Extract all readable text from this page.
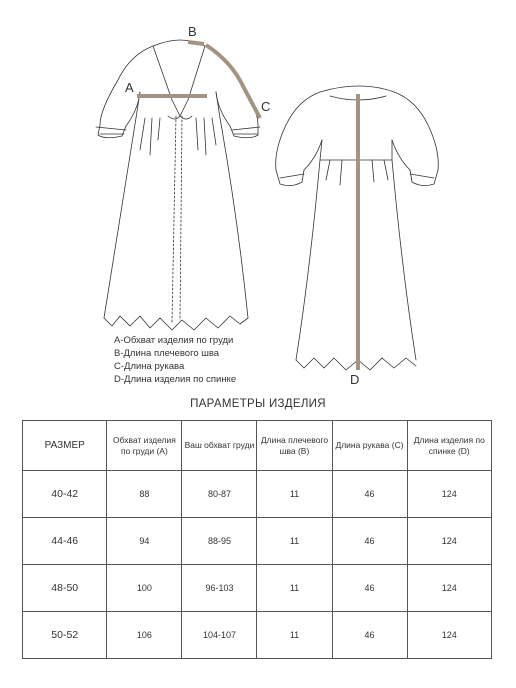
A
B
C
D
A-Обхват изделия по груди
B-Длина плечевого шва
C-Длина рукава
D-Длина изделия по спинке
ПАРАМЕТРЫ ИЗДЕЛИЯ
РАЗМЕР	Обхват изделия по груди (A)	Ваш обхват груди	Длина плечевого шва (B)	Длина рукава (C)	Длина изделия по спинке (D)
40-42	88	80-87	11	46	124
44-46	94	88-95	11	46	124
48-50	100	96-103	11	46	124
50-52	106	104-107	11	46	124
